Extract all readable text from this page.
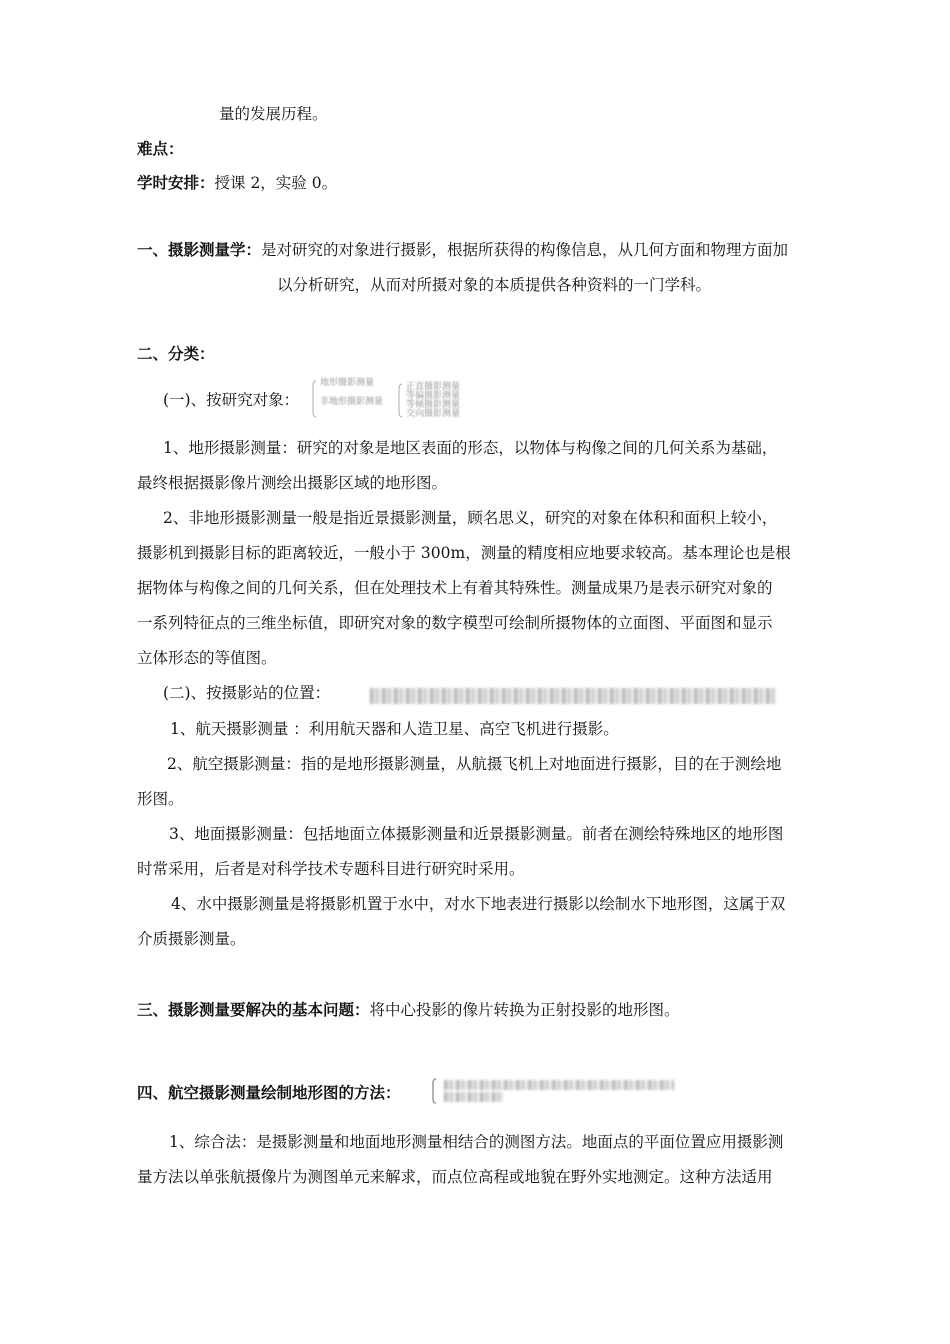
量的发展历程。
难点：
学时安排：授课 2，实验 0。
一、摄影测量学：是对研究的对象进行摄影，根据所获得的构像信息，从几何方面和物理方面加
以分析研究，从而对所摄对象的本质提供各种资料的一门学科。
二、分类：
(一)、按研究对象：
地形摄影测量
非地形摄影测量
正直摄影测量
等偏摄影测量
等倾摄影测量
交向摄影测量
1、地形摄影测量：研究的对象是地区表面的形态，以物体与构像之间的几何关系为基础，
最终根据摄影像片测绘出摄影区域的地形图。
2、非地形摄影测量一般是指近景摄影测量，顾名思义，研究的对象在体积和面积上较小，
摄影机到摄影目标的距离较近，一般小于 300m，测量的精度相应地要求较高。基本理论也是根
据物体与构像之间的几何关系，但在处理技术上有着其特殊性。测量成果乃是表示研究对象的
一系列特征点的三维坐标值，即研究对象的数字模型可绘制所摄物体的立面图、平面图和显示
立体形态的等值图。
(二)、按摄影站的位置：
1、航天摄影测量 ：利用航天器和人造卫星、高空飞机进行摄影。
2、航空摄影测量：指的是地形摄影测量，从航摄飞机上对地面进行摄影，目的在于测绘地
形图。
3、地面摄影测量：包括地面立体摄影测量和近景摄影测量。前者在测绘特殊地区的地形图
时常采用，后者是对科学技术专题科目进行研究时采用。
4、水中摄影测量是将摄影机置于水中，对水下地表进行摄影以绘制水下地形图，这属于双
介质摄影测量。
三、摄影测量要解决的基本问题：将中心投影的像片转换为正射投影的地形图。
四、航空摄影测量绘制地形图的方法：
1、综合法：是摄影测量和地面地形测量相结合的测图方法。地面点的平面位置应用摄影测
量方法以单张航摄像片为测图单元来解求，而点位高程或地貌在野外实地测定。这种方法适用
